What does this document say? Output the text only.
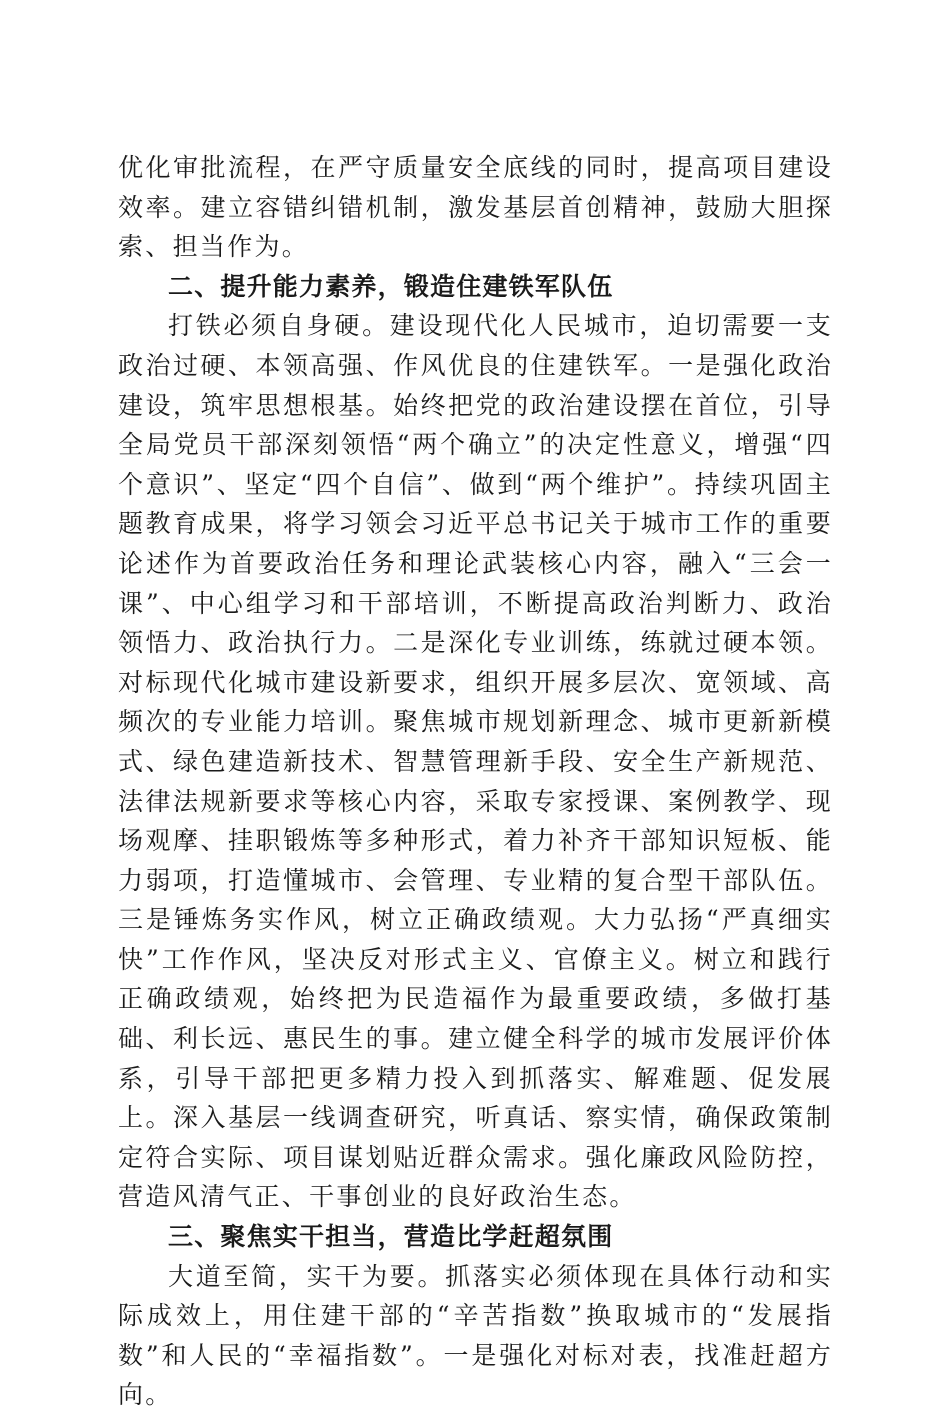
优化审批流程，在严守质量安全底线的同时，提高项目建设效率。建立容错纠错机制，激发基层首创精神，鼓励大胆探索、担当作为。

二、提升能力素养，锻造住建铁军队伍

打铁必须自身硬。建设现代化人民城市，迫切需要一支政治过硬、本领高强、作风优良的住建铁军。一是强化政治建设，筑牢思想根基。始终把党的政治建设摆在首位，引导全局党员干部深刻领悟“两个确立”的决定性意义，增强“四个意识”、坚定“四个自信”、做到“两个维护”。持续巩固主题教育成果，将学习领会习近平总书记关于城市工作的重要论述作为首要政治任务和理论武装核心内容，融入“三会一课”、中心组学习和干部培训，不断提高政治判断力、政治领悟力、政治执行力。二是深化专业训练，练就过硬本领。对标现代化城市建设新要求，组织开展多层次、宽领域、高频次的专业能力培训。聚焦城市规划新理念、城市更新新模式、绿色建造新技术、智慧管理新手段、安全生产新规范、法律法规新要求等核心内容，采取专家授课、案例教学、现场观摩、挂职锻炼等多种形式，着力补齐干部知识短板、能力弱项，打造懂城市、会管理、专业精的复合型干部队伍。三是锤炼务实作风，树立正确政绩观。大力弘扬“严真细实快”工作作风，坚决反对形式主义、官僚主义。树立和践行正确政绩观，始终把为民造福作为最重要政绩，多做打基础、利长远、惠民生的事。建立健全科学的城市发展评价体系，引导干部把更多精力投入到抓落实、解难题、促发展上。深入基层一线调查研究，听真话、察实情，确保政策制定符合实际、项目谋划贴近群众需求。强化廉政风险防控，营造风清气正、干事创业的良好政治生态。

三、聚焦实干担当，营造比学赶超氛围

大道至简，实干为要。抓落实必须体现在具体行动和实际成效上，用住建干部的“辛苦指数”换取城市的“发展指数”和人民的“幸福指数”。一是强化对标对表，找准赶超方向。
